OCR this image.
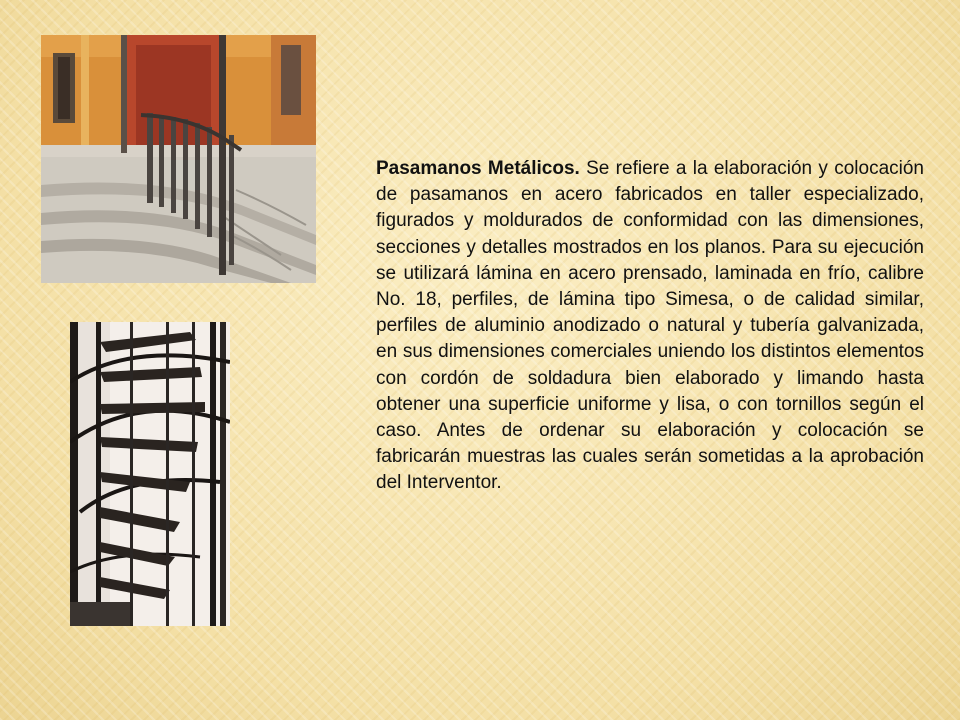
Pasamanos Metálicos. Se refiere a la elaboración y colocación de pasamanos en acero fabricados en taller especializado, figurados y moldurados de conformidad con las dimensiones, secciones y detalles mostrados en los planos. Para su ejecución se utilizará lámina en acero prensado, laminada en frío, calibre No. 18, perfiles, de lámina tipo Simesa, o de calidad similar, perfiles de aluminio anodizado o natural y tubería galvanizada, en sus dimensiones comerciales uniendo los distintos elementos con cordón de soldadura bien elaborado y limando hasta obtener una superficie uniforme y lisa, o con tornillos según el caso. Antes de ordenar su elaboración y colocación se fabricarán muestras las cuales serán sometidas a la aprobación del Interventor.
